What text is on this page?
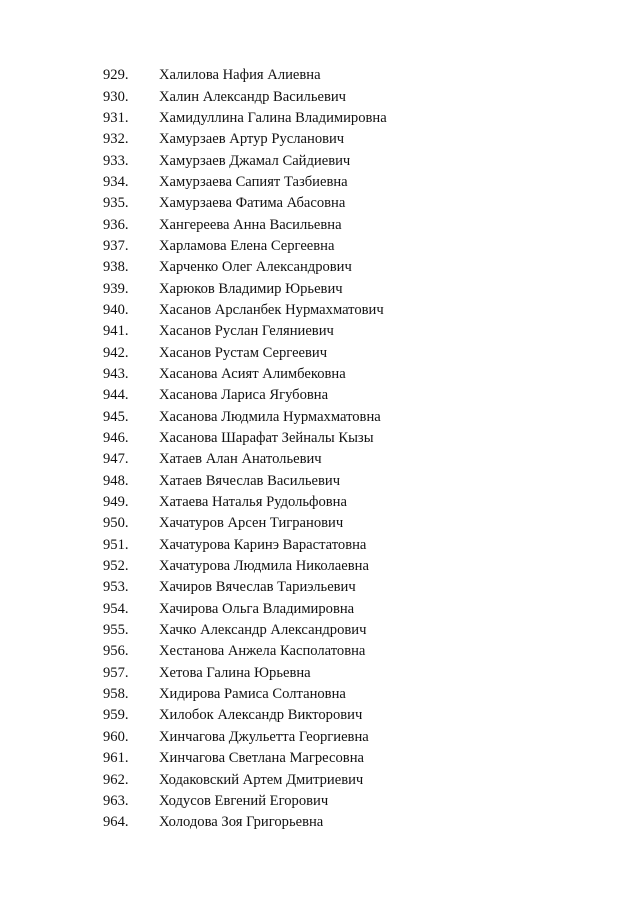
929.	Халилова Нафия Алиевна
930.	Халин Александр Васильевич
931.	Хамидуллина Галина Владимировна
932.	Хамурзаев Артур Русланович
933.	Хамурзаев Джамал Сайдиевич
934.	Хамурзаева Сапият Тазбиевна
935.	Хамурзаева Фатима Абасовна
936.	Хангереева Анна Васильевна
937.	Харламова Елена Сергеевна
938.	Харченко Олег Александрович
939.	Харюков Владимир Юрьевич
940.	Хасанов Арсланбек Нурмахматович
941.	Хасанов Руслан Геляниевич
942.	Хасанов Рустам Сергеевич
943.	Хасанова Асият Алимбековна
944.	Хасанова Лариса Ягубовна
945.	Хасанова Людмила Нурмахматовна
946.	Хасанова Шарафат Зейналы Кызы
947.	Хатаев Алан Анатольевич
948.	Хатаев Вячеслав Васильевич
949.	Хатаева Наталья Рудольфовна
950.	Хачатуров Арсен Тигранович
951.	Хачатурова Каринэ Варастатовна
952.	Хачатурова Людмила Николаевна
953.	Хачиров Вячеслав Тариэльевич
954.	Хачирова Ольга Владимировна
955.	Хачко Александр Александрович
956.	Хестанова Анжела Касполатовна
957.	Хетова Галина Юрьевна
958.	Хидирова Рамиса Солтановна
959.	Хилобок Александр Викторович
960.	Хинчагова Джульетта Георгиевна
961.	Хинчагова Светлана Магресовна
962.	Ходаковский Артем Дмитриевич
963.	Ходусов Евгений Егорович
964.	Холодова Зоя Григорьевна
